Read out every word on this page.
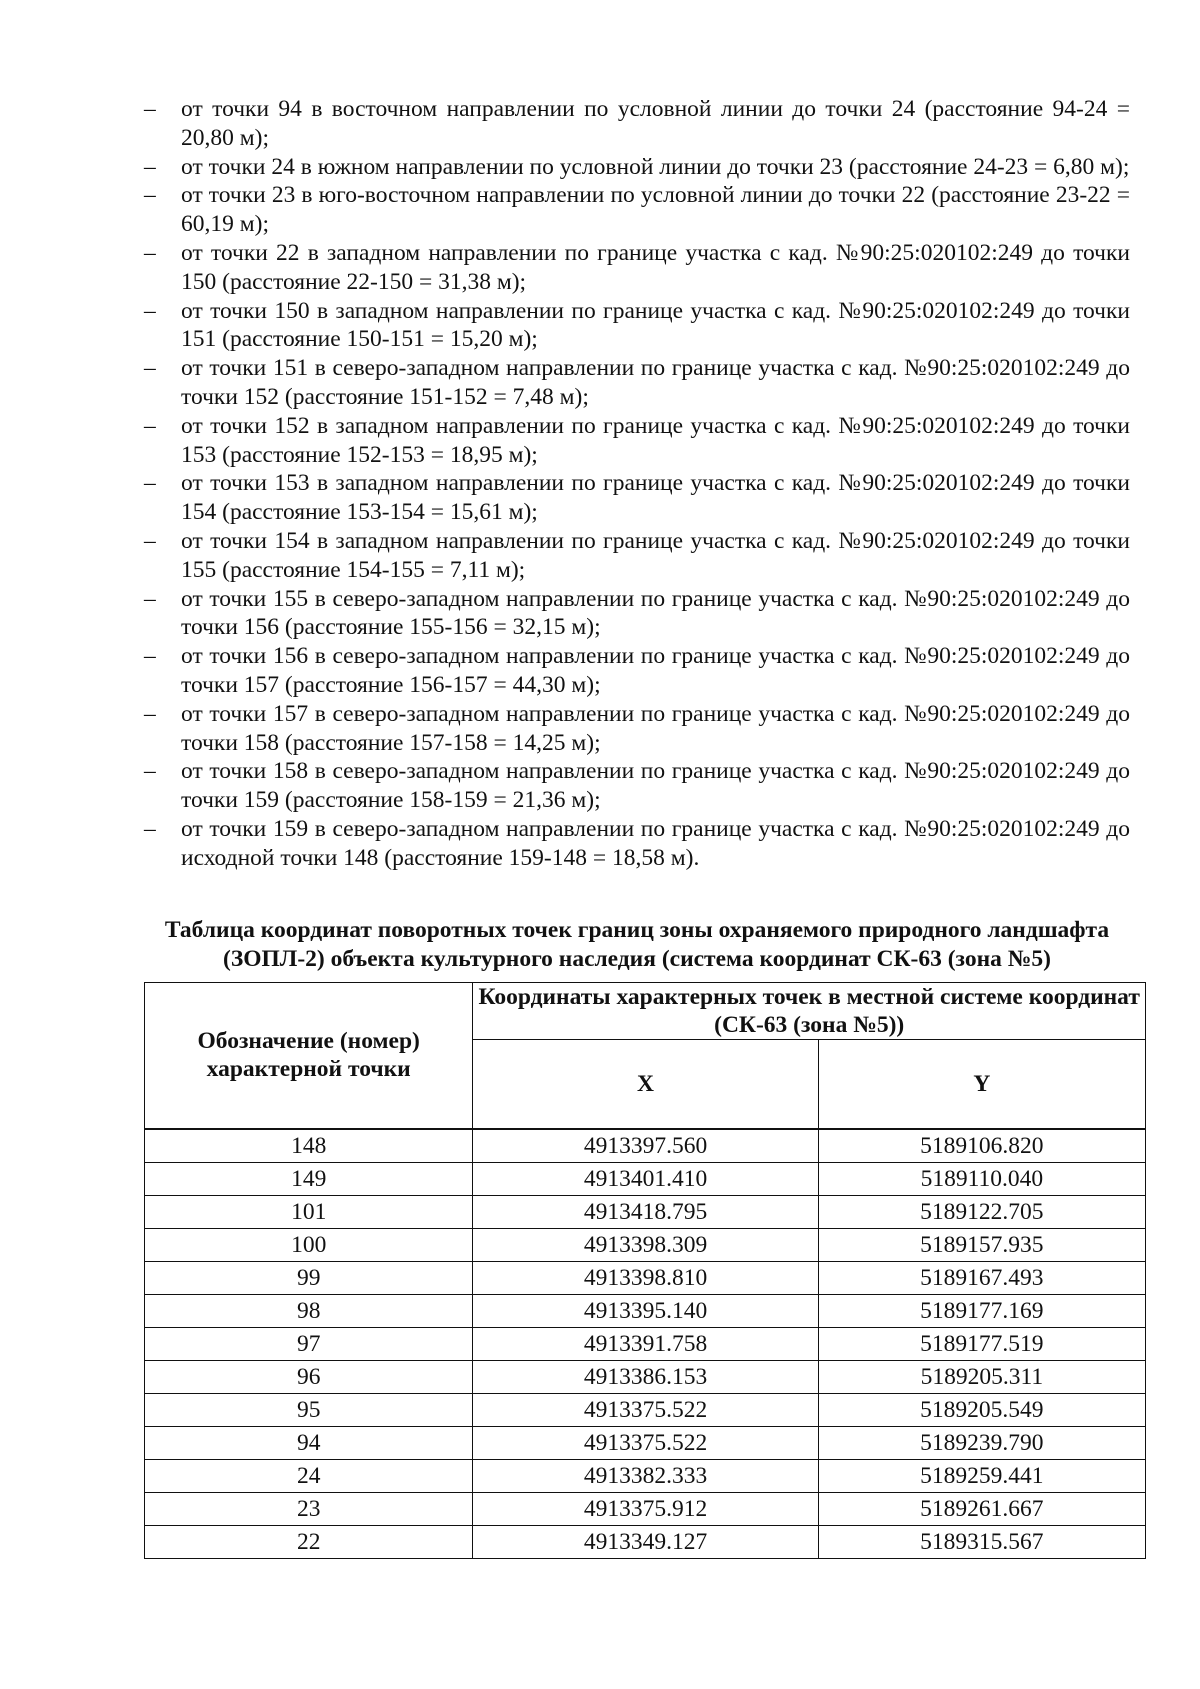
– от точки 94 в восточном направлении по условной линии до точки 24 (расстояние 94-24 = 20,80 м);
– от точки 24 в южном направлении по условной линии до точки 23 (расстояние 24-23 = 6,80 м);
– от точки 23 в юго-восточном направлении по условной линии до точки 22 (расстояние 23-22 = 60,19 м);
– от точки 22 в западном направлении по границе участка с кад. №90:25:020102:249 до точки 150 (расстояние 22-150 = 31,38 м);
– от точки 150 в западном направлении по границе участка с кад. №90:25:020102:249 до точки 151 (расстояние 150-151 = 15,20 м);
– от точки 151 в северо-западном направлении по границе участка с кад. №90:25:020102:249 до точки 152 (расстояние 151-152 = 7,48 м);
– от точки 152 в западном направлении по границе участка с кад. №90:25:020102:249 до точки 153 (расстояние 152-153 = 18,95 м);
– от точки 153 в западном направлении по границе участка с кад. №90:25:020102:249 до точки 154 (расстояние 153-154 = 15,61 м);
– от точки 154 в западном направлении по границе участка с кад. №90:25:020102:249 до точки 155 (расстояние 154-155 = 7,11 м);
– от точки 155 в северо-западном направлении по границе участка с кад. №90:25:020102:249 до точки 156 (расстояние 155-156 = 32,15 м);
– от точки 156 в северо-западном направлении по границе участка с кад. №90:25:020102:249 до точки 157 (расстояние 156-157 = 44,30 м);
– от точки 157 в северо-западном направлении по границе участка с кад. №90:25:020102:249 до точки 158 (расстояние 157-158 = 14,25 м);
– от точки 158 в северо-западном направлении по границе участка с кад. №90:25:020102:249 до точки 159 (расстояние 158-159 = 21,36 м);
– от точки 159 в северо-западном направлении по границе участка с кад. №90:25:020102:249 до исходной точки 148 (расстояние 159-148 = 18,58 м).
Таблица координат поворотных точек границ зоны охраняемого природного ландшафта (ЗОПЛ-2) объекта культурного наследия (система координат СК-63 (зона №5)
Обозначение (номер) характерной точки	Координаты характерных точек в местной системе координат (СК-63 (зона №5))	
	X	Y
148	4913397.560	5189106.820
149	4913401.410	5189110.040
101	4913418.795	5189122.705
100	4913398.309	5189157.935
99	4913398.810	5189167.493
98	4913395.140	5189177.169
97	4913391.758	5189177.519
96	4913386.153	5189205.311
95	4913375.522	5189205.549
94	4913375.522	5189239.790
24	4913382.333	5189259.441
23	4913375.912	5189261.667
22	4913349.127	5189315.567
